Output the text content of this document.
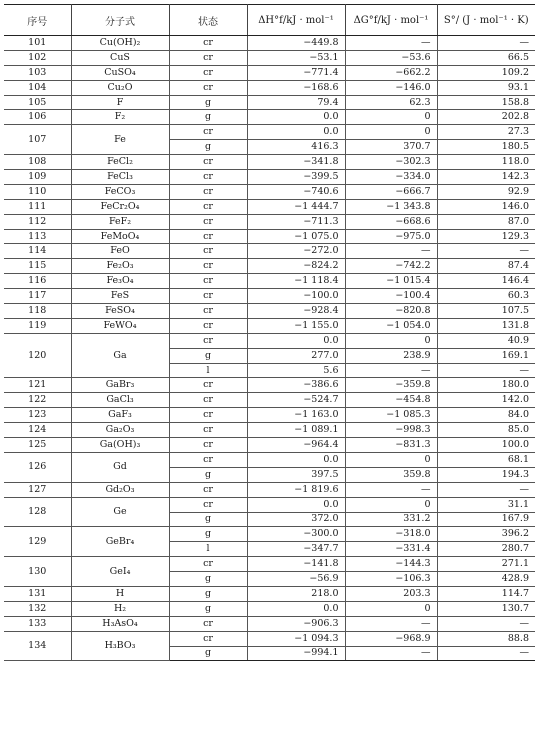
序号	分子式	状态	ΔH°f/kJ · mol⁻¹	ΔG°f/kJ · mol⁻¹	S°/ (J · mol⁻¹ · K)
101	Cu(OH)₂	cr	−449.8	—	—
102	CuS	cr	−53.1	−53.6	66.5
103	CuSO₄	cr	−771.4	−662.2	109.2
104	Cu₂O	cr	−168.6	−146.0	93.1
105	F	g	79.4	62.3	158.8
106	F₂	g	0.0	0	202.8
107	Fe	cr	0.0	0	27.3
		g	416.3	370.7	180.5
108	FeCl₂	cr	−341.8	−302.3	118.0
109	FeCl₃	cr	−399.5	−334.0	142.3
110	FeCO₃	cr	−740.6	−666.7	92.9
111	FeCr₂O₄	cr	−1 444.7	−1 343.8	146.0
112	FeF₂	cr	−711.3	−668.6	87.0
113	FeMoO₄	cr	−1 075.0	−975.0	129.3
114	FeO	cr	−272.0	—	—
115	Fe₂O₃	cr	−824.2	−742.2	87.4
116	Fe₃O₄	cr	−1 118.4	−1 015.4	146.4
117	FeS	cr	−100.0	−100.4	60.3
118	FeSO₄	cr	−928.4	−820.8	107.5
119	FeWO₄	cr	−1 155.0	−1 054.0	131.8
120	Ga	cr	0.0	0	40.9
		g	277.0	238.9	169.1
		l	5.6	—	—
121	GaBr₃	cr	−386.6	−359.8	180.0
122	GaCl₃	cr	−524.7	−454.8	142.0
123	GaF₃	cr	−1 163.0	−1 085.3	84.0
124	Ga₂O₃	cr	−1 089.1	−998.3	85.0
125	Ga(OH)₃	cr	−964.4	−831.3	100.0
126	Gd	cr	0.0	0	68.1
		g	397.5	359.8	194.3
127	Gd₂O₃	cr	−1 819.6	—	—
128	Ge	cr	0.0	0	31.1
		g	372.0	331.2	167.9
129	GeBr₄	g	−300.0	−318.0	396.2
		l	−347.7	−331.4	280.7
130	GeI₄	cr	−141.8	−144.3	271.1
		g	−56.9	−106.3	428.9
131	H	g	218.0	203.3	114.7
132	H₂	g	0.0	0	130.7
133	H₃AsO₄	cr	−906.3	—	—
134	H₃BO₃	cr	−1 094.3	−968.9	88.8
		g	−994.1	—	—
